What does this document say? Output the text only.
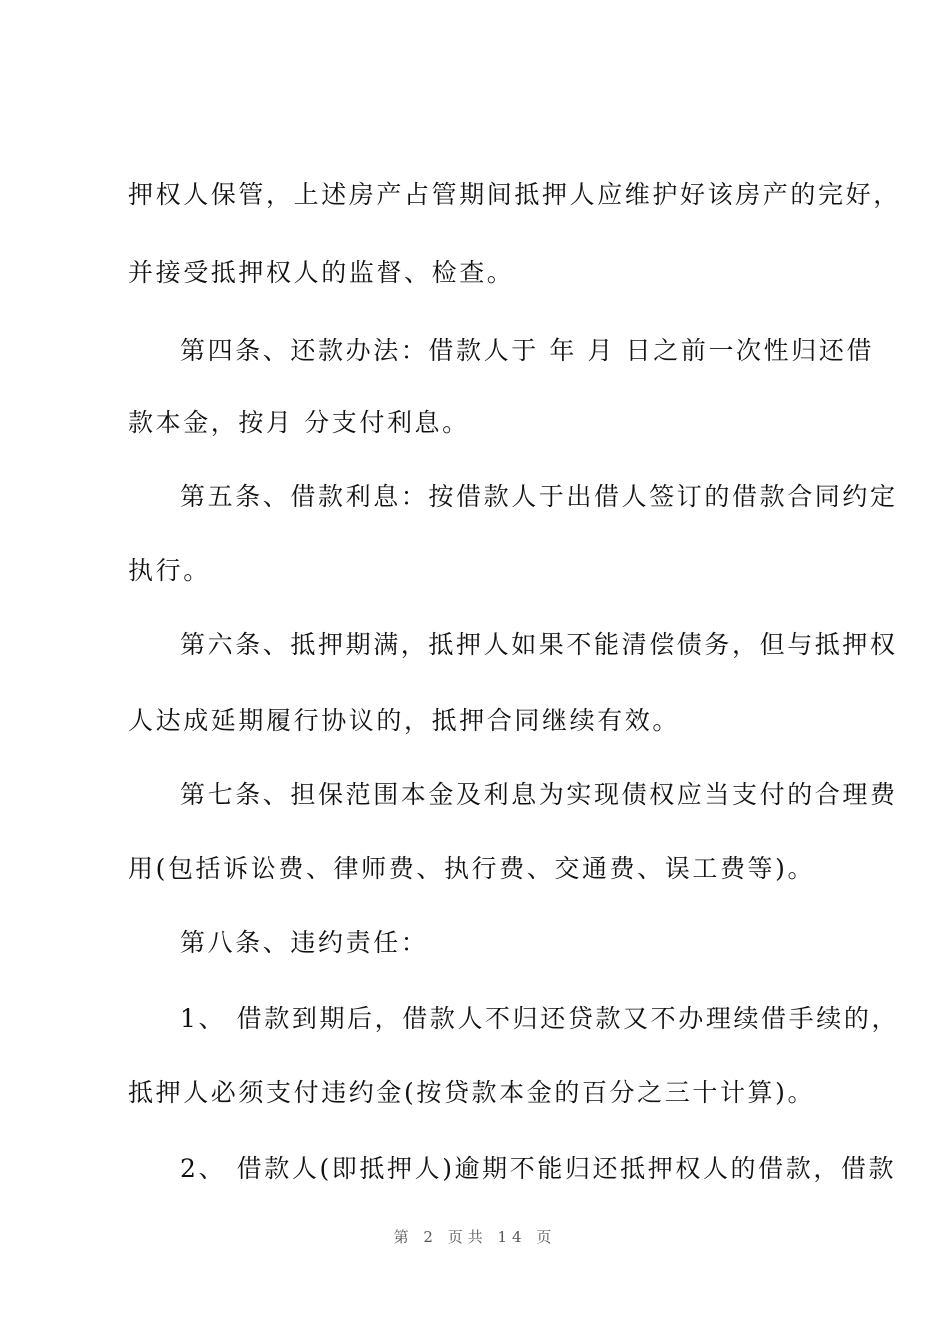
押权人保管，上述房产占管期间抵押人应维护好该房产的完好，
并接受抵押权人的监督、检查。
第四条、还款办法：借款人于 年 月 日之前一次性归还借
款本金，按月 分支付利息。
第五条、借款利息：按借款人于出借人签订的借款合同约定
执行。
第六条、抵押期满，抵押人如果不能清偿债务，但与抵押权
人达成延期履行协议的，抵押合同继续有效。
第七条、担保范围本金及利息为实现债权应当支付的合理费
用(包括诉讼费、律师费、执行费、交通费、误工费等)。
第八条、违约责任：
1、 借款到期后，借款人不归还贷款又不办理续借手续的，
抵押人必须支付违约金(按贷款本金的百分之三十计算)。
2、 借款人(即抵押人)逾期不能归还抵押权人的借款，借款
第 2 页共 14 页
